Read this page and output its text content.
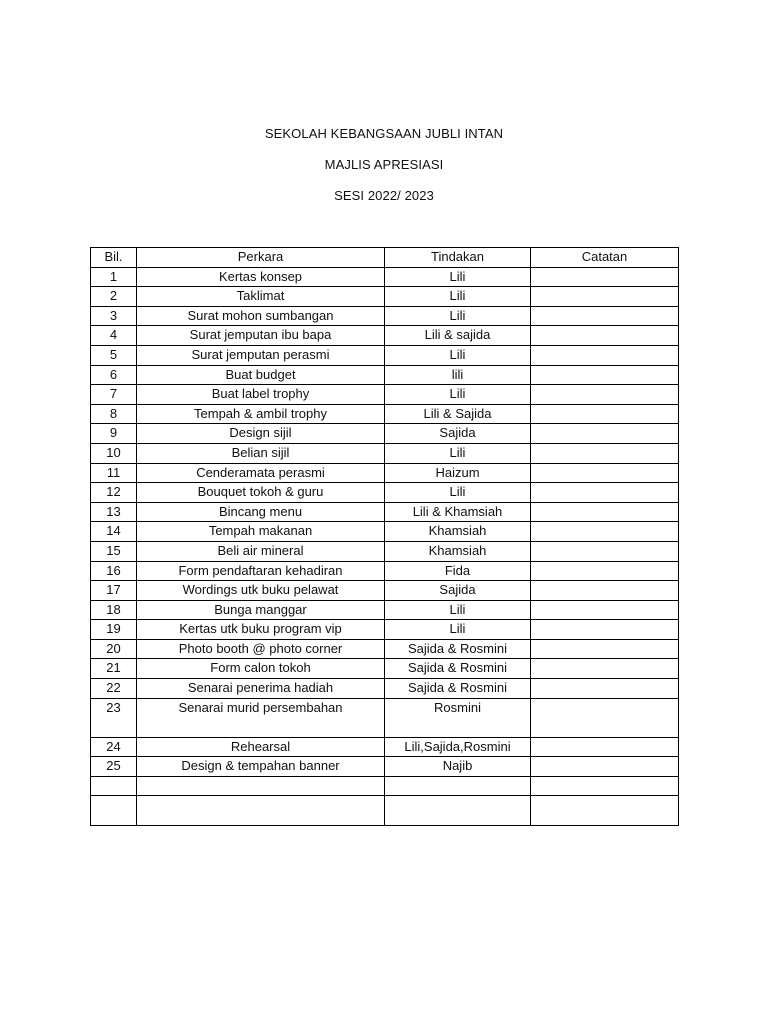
SEKOLAH KEBANGSAAN JUBLI INTAN
MAJLIS APRESIASI
SESI 2022/ 2023
Bil.	Perkara	Tindakan	Catatan
1	Kertas konsep	Lili	
2	Taklimat	Lili	
3	Surat mohon sumbangan	Lili	
4	Surat jemputan ibu bapa	Lili & sajida	
5	Surat jemputan perasmi	Lili	
6	Buat budget	lili	
7	Buat label trophy	Lili	
8	Tempah & ambil trophy	Lili & Sajida	
9	Design sijil	Sajida	
10	Belian sijil	Lili	
11	Cenderamata perasmi	Haizum	
12	Bouquet tokoh & guru	Lili	
13	Bincang menu	Lili & Khamsiah	
14	Tempah makanan	Khamsiah	
15	Beli air mineral	Khamsiah	
16	Form pendaftaran kehadiran	Fida	
17	Wordings utk buku pelawat	Sajida	
18	Bunga manggar	Lili	
19	Kertas utk buku program vip	Lili	
20	Photo booth @ photo corner	Sajida & Rosmini	
21	Form calon tokoh	Sajida & Rosmini	
22	Senarai penerima hadiah	Sajida & Rosmini	
23	Senarai murid persembahan	Rosmini	
24	Rehearsal	Lili,Sajida,Rosmini	
25	Design & tempahan banner	Najib	
